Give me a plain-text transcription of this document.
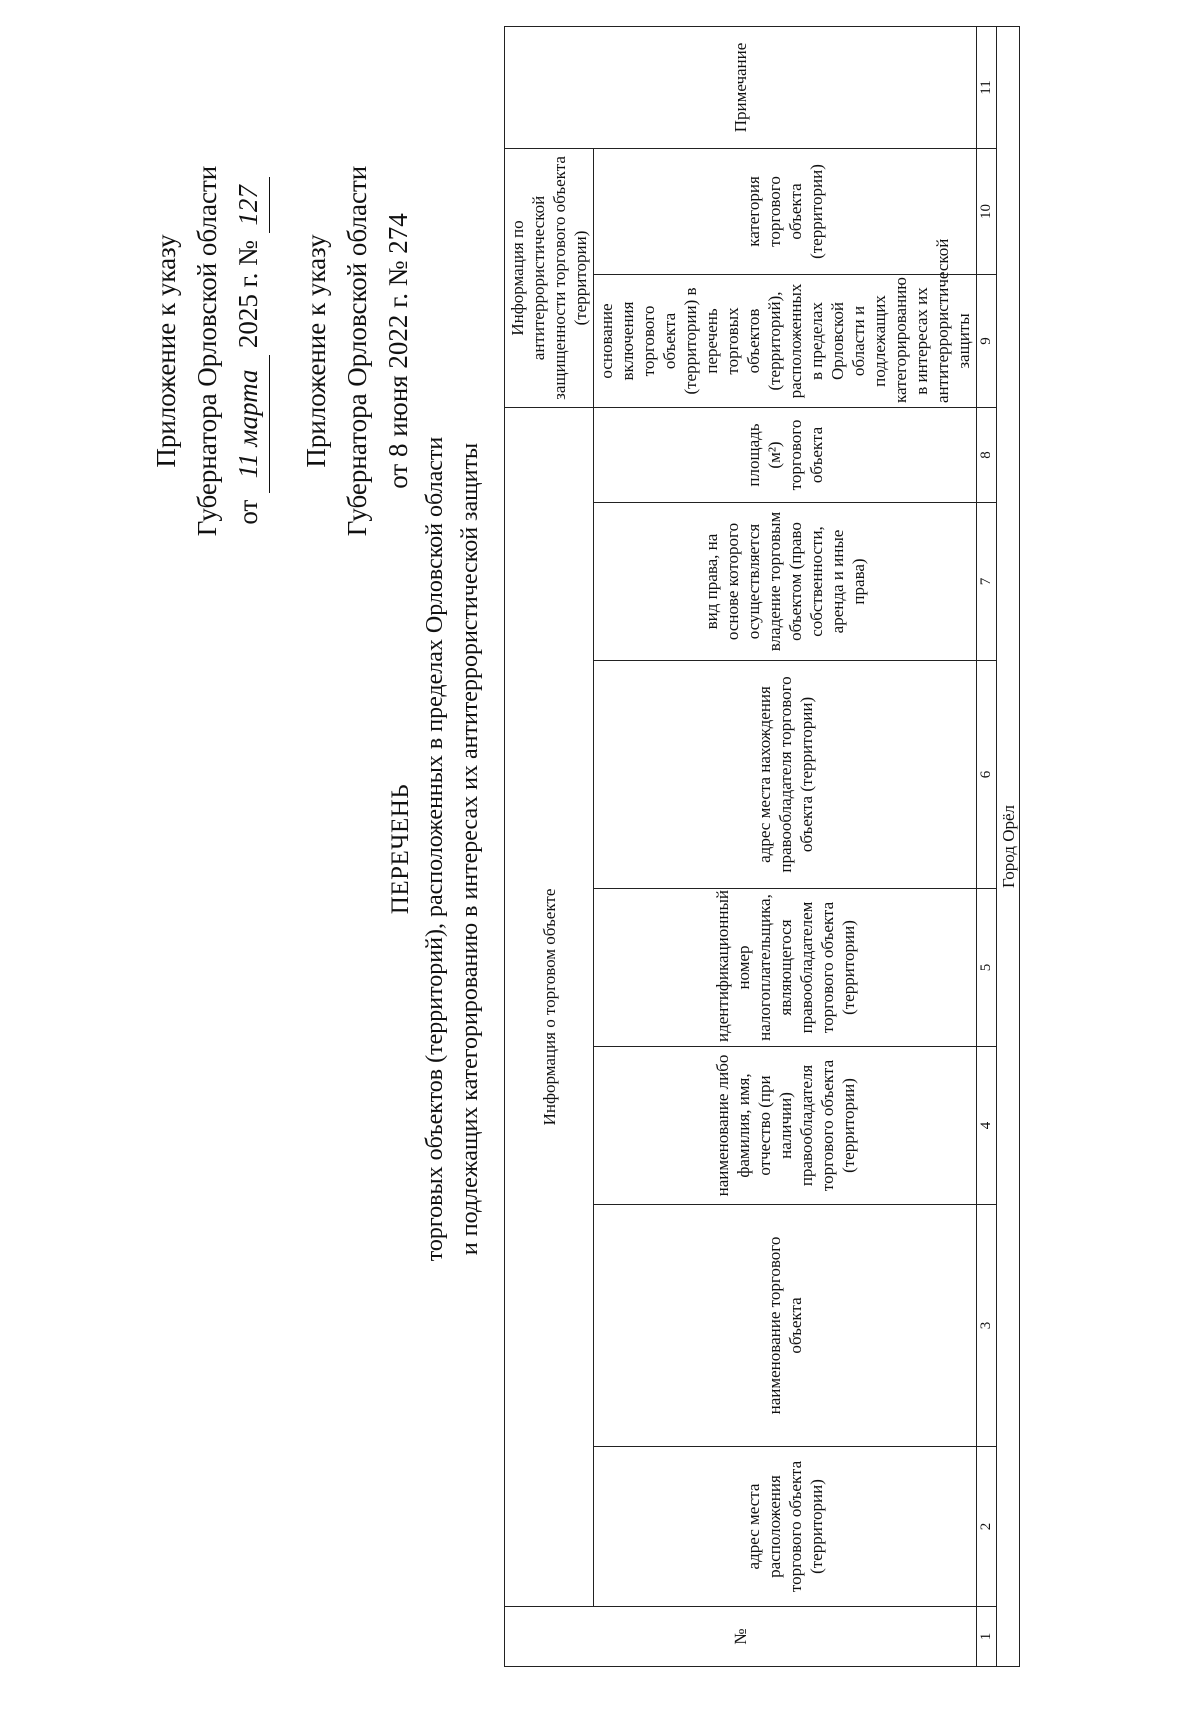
Приложение к указу Губернатора Орловской области от 11 марта 2025 г. № 127
Приложение к указу Губернатора Орловской области от 8 июня 2022 г. № 274
ПЕРЕЧЕНЬ торговых объектов (территорий), расположенных в пределах Орловской области и подлежащих категорированию в интересах их антитеррористической защиты
№	Информация о торговом объекте							Информация по антитеррористической защищенности торгового объекта (территории)		Примечание
	адрес места расположения торгового объекта (территории)	наименование торгового объекта	наименование либо фамилия, имя, отчество (при наличии) правообладателя торгового объекта (территории)	идентификационный номер налогоплательщика, являющегося правообладателем торгового объекта (территории)	адрес места нахождения правообладателя торгового объекта (территории)	вид права, на основе которого осуществляется владение торговым объектом (право собственности, аренда и иные права)	площадь (м²) торгового объекта	основание включения торгового объекта (территории) в перечень торговых объектов (территорий), расположенных в пределах Орловской области и подлежащих категорированию в интересах их антитеррористической защиты	категория торгового объекта (территории)	
1	2	3	4	5	6	7	8	9	10	11
Город Орёл										
